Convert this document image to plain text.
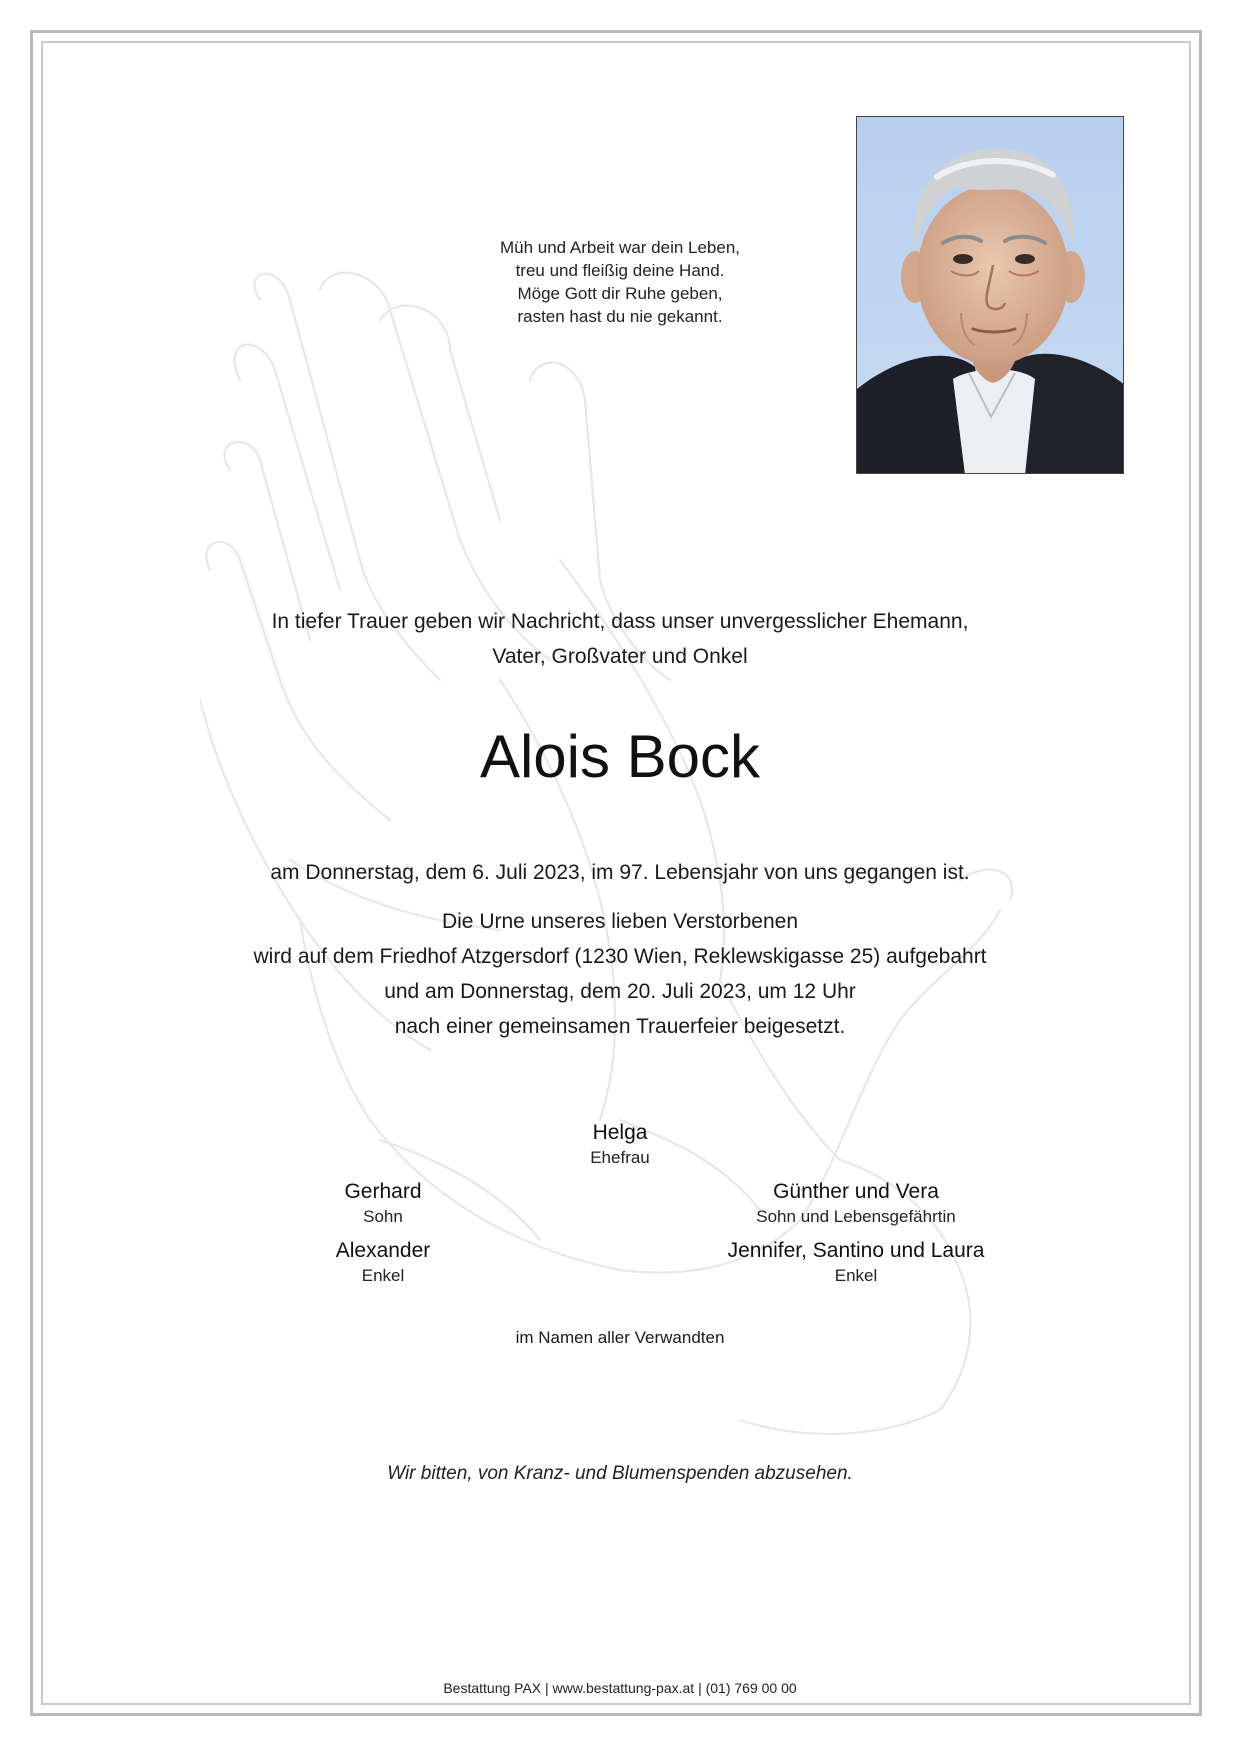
Müh und Arbeit war dein Leben,
treu und fleißig deine Hand.
Möge Gott dir Ruhe geben,
rasten hast du nie gekannt.
In tiefer Trauer geben wir Nachricht, dass unser unvergesslicher Ehemann,
Vater, Großvater und Onkel
Alois Bock
am Donnerstag, dem 6. Juli 2023, im 97. Lebensjahr von uns gegangen ist.
Die Urne unseres lieben Verstorbenen
wird auf dem Friedhof Atzgersdorf (1230 Wien, Reklewskigasse 25) aufgebahrt
und am Donnerstag, dem 20. Juli 2023, um 12 Uhr
nach einer gemeinsamen Trauerfeier beigesetzt.
Helga
Ehefrau
Gerhard
Sohn
Alexander
Enkel
Günther und Vera
Sohn und Lebensgefährtin
Jennifer, Santino und Laura
Enkel
im Namen aller Verwandten
Wir bitten, von Kranz- und Blumenspenden abzusehen.
Bestattung PAX | www.bestattung-pax.at | (01) 769 00 00
